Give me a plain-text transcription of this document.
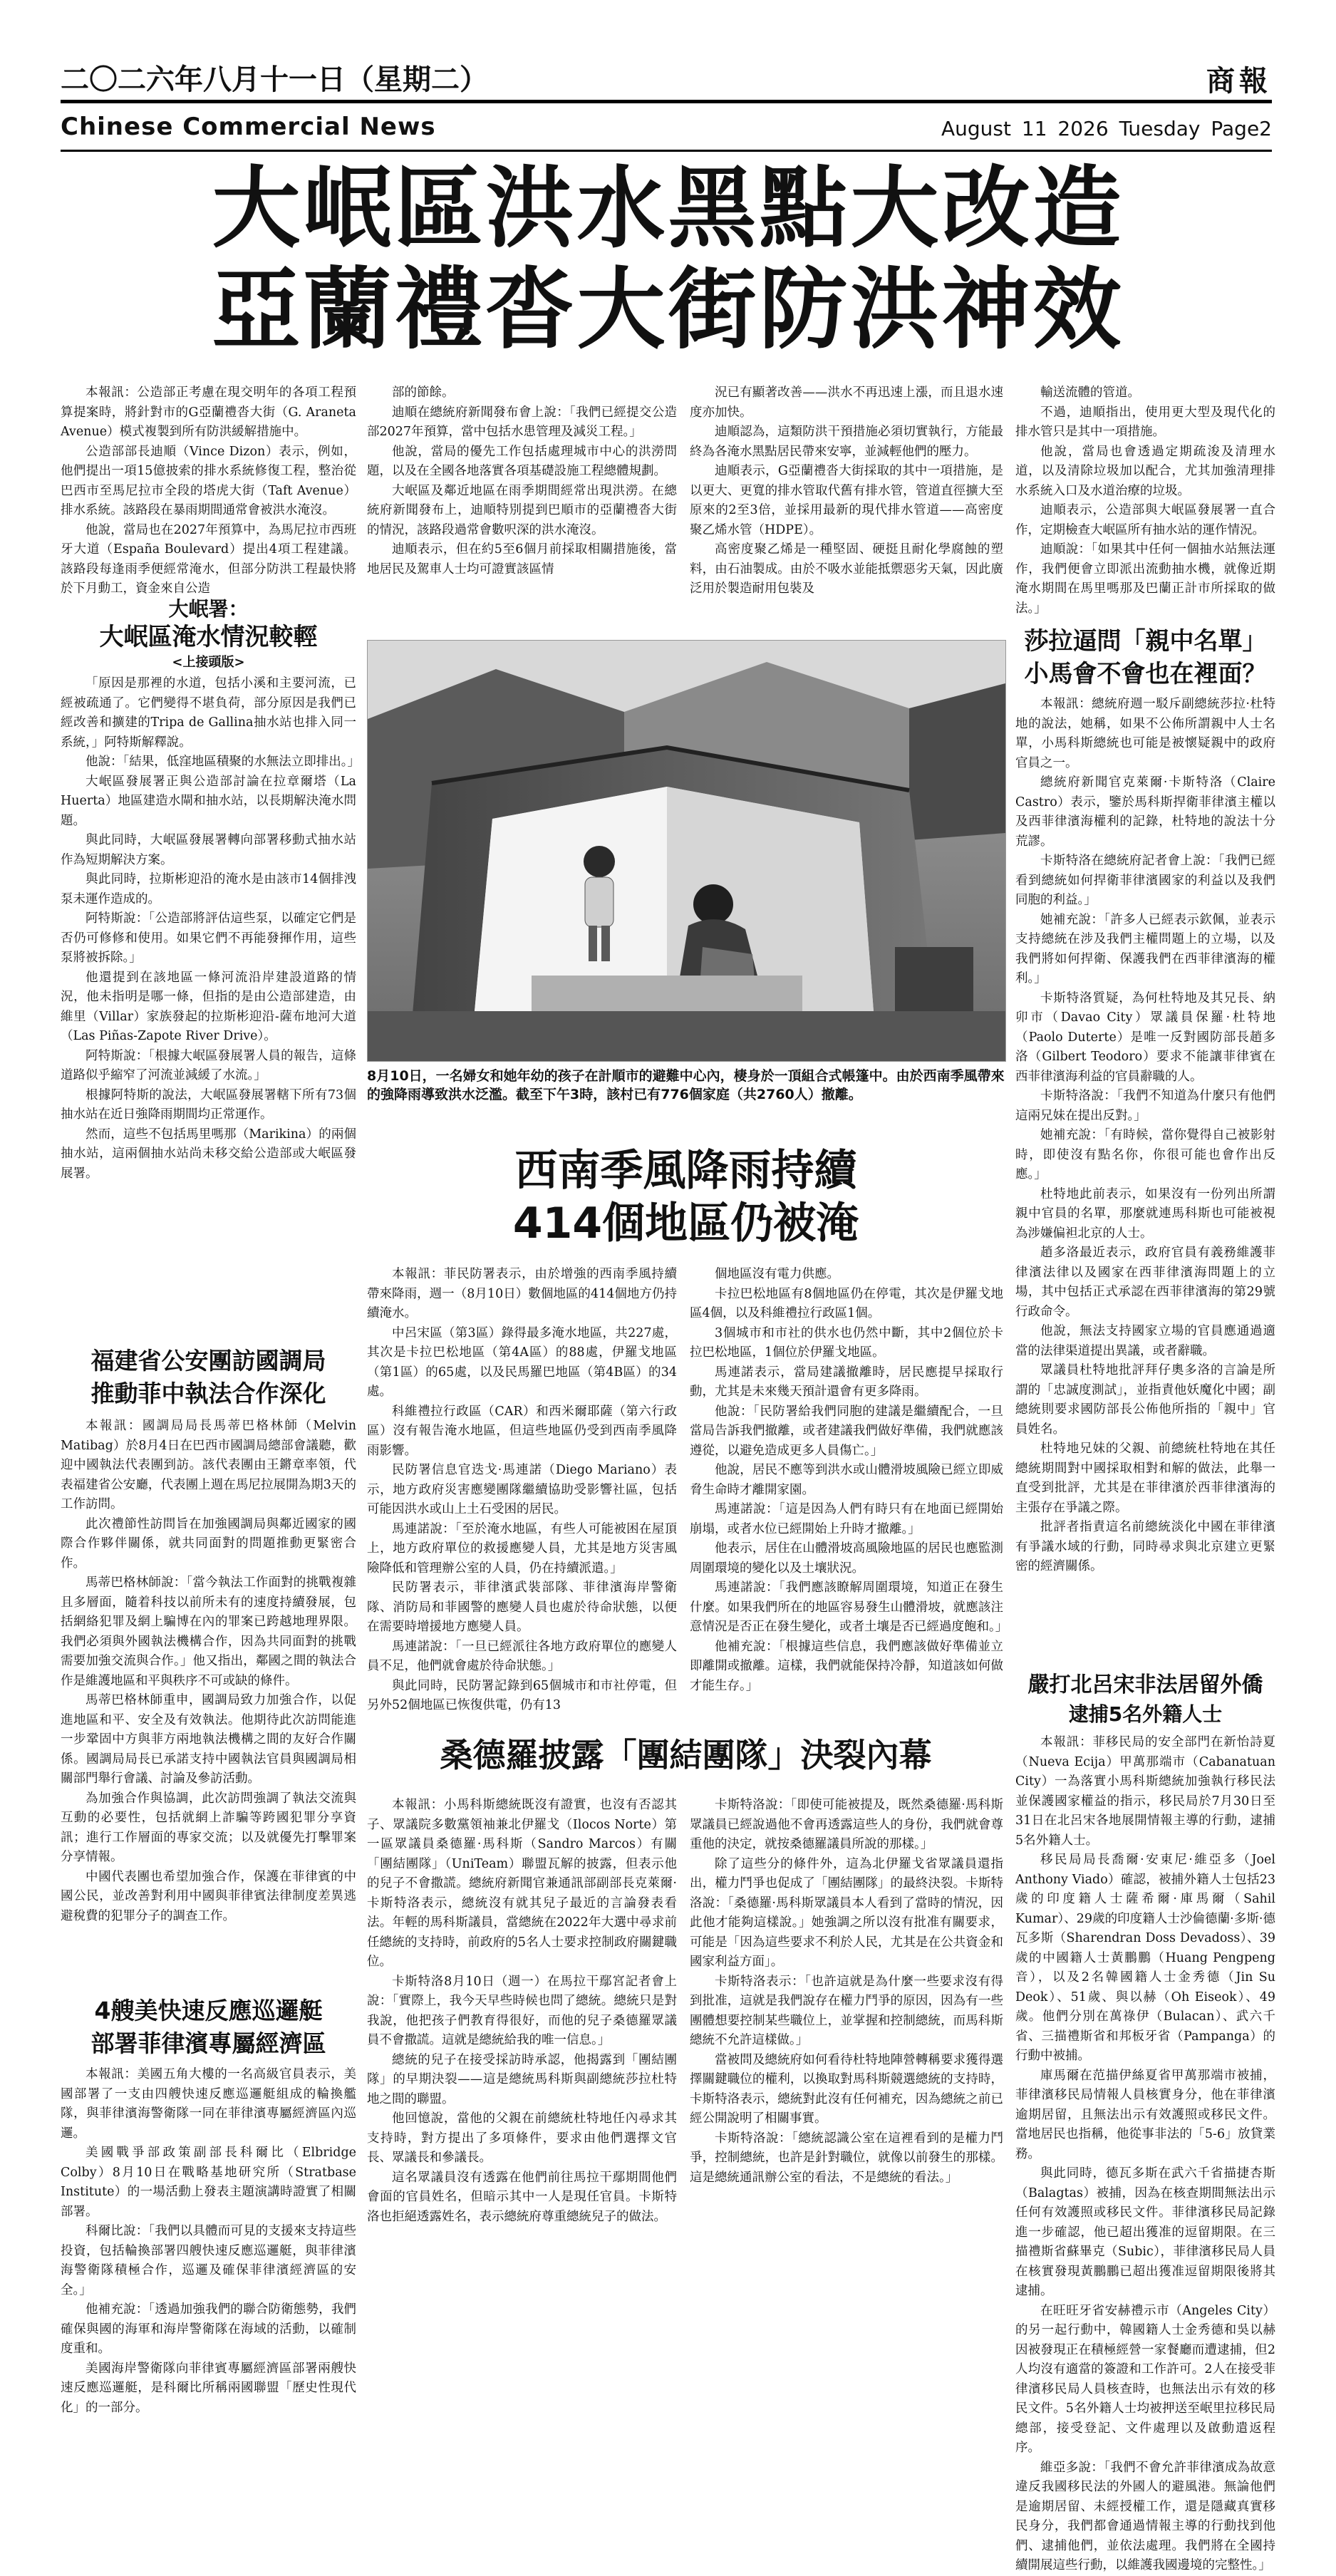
二〇二六年八月十一日（星期二）	商報
Chinese Commercial News	August 11 2026 Tuesday Page2
大岷區洪水黑點大改造
亞蘭禮沓大街防洪神效

本報訊：公造部正考慮在現交明年的各項工程預算提案時，將針對市的G亞蘭禮沓大街（G. Araneta Avenue）模式複製到所有防洪緩解措施中。

公造部部長迪順（Vince Dizon）表示，例如，他們提出一項15億披索的排水系統修復工程，整治從巴西市至馬尼拉市全段的塔虎大街（Taft Avenue）排水系統。該路段在暴雨期間通常會被洪水淹沒。

他說，當局也在2027年預算中，為馬尼拉市西班牙大道（España Boulevard）提出4項工程建議。該路段每逢雨季便經常淹水，但部分防洪工程最快將於下月動工，資金來自公造

大岷署：
大岷區淹水情況較輕
<上接頭版>

「原因是那裡的水道，包括小溪和主要河流，已經被疏通了。它們變得不堪負荷，部分原因是我們已經改善和擴建的Tripa de Gallina抽水站也排入同一系統，」阿特斯解釋說。

他說：「結果，低窪地區積聚的水無法立即排出。」

大岷區發展署正與公造部討論在拉章爾塔（La Huerta）地區建造水閘和抽水站，以長期解決淹水問題。

與此同時，大岷區發展署轉向部署移動式抽水站作為短期解決方案。

與此同時，拉斯彬迎沿的淹水是由該市14個排洩泵未運作造成的。

阿特斯說：「公造部將評估這些泵，以確定它們是否仍可修修和使用。如果它們不再能發揮作用，這些泵將被拆除。」

他還提到在該地區一條河流沿岸建設道路的情況，他未指明是哪一條，但指的是由公造部建造，由維里（Villar）家族發起的拉斯彬迎沿-薩布地河大道（Las Piñas-Zapote River Drive）。

阿特斯說：「根據大岷區發展署人員的報告，這條道路似乎縮窄了河流並減緩了水流。」

根據阿特斯的說法，大岷區發展署轄下所有73個抽水站在近日強降雨期間均正常運作。

然而，這些不包括馬里嗎那（Marikina）的兩個抽水站，這兩個抽水站尚未移交給公造部或大岷區發展署。

福建省公安團訪國調局
推動菲中執法合作深化

本報訊：國調局局長馬蒂巴格林師（Melvin Matibag）於8月4日在巴西市國調局總部會議聽，歡迎中國執法代表團到訪。該代表團由王鏘章率領，代表福建省公安廳，代表團上週在馬尼拉展開為期3天的工作訪問。

此次禮節性訪問旨在加強國調局與鄰近國家的國際合作夥伴關係，就共同面對的問題推動更緊密合作。

馬蒂巴格林師說：「當今執法工作面對的挑戰複雜且多層面，隨着科技以前所未有的速度持續發展，包括網絡犯罪及網上騙博在內的罪案已跨越地理界限。我們必須與外國執法機構合作，因為共同面對的挑戰需要加強交流與合作。」他又指出，鄰國之間的執法合作是維護地區和平與秩序不可或缺的條件。

馬蒂巴格林師重申，國調局致力加強合作，以促進地區和平、安全及有效執法。他期待此次訪問能進一步鞏固中方與菲方兩地執法機構之間的友好合作關係。國調局局長已承諾支持中國執法官員與國調局相關部門舉行會議、討論及參訪活動。

為加強合作與協調，此次訪問強調了執法交流與互動的必要性，包括就網上詐騙等跨國犯罪分享資訊；進行工作層面的專家交流；以及就優先打擊罪案分享情報。

中國代表團也希望加強合作，保護在菲律賓的中國公民，並改善對利用中國與菲律賓法律制度差異逃避稅費的犯罪分子的調查工作。

4艘美快速反應巡邏艇
部署菲律濱專屬經濟區

本報訊：美國五角大樓的一名高級官員表示，美國部署了一支由四艘快速反應巡邏艇組成的輪換艦隊，與菲律濱海警衛隊一同在菲律濱專屬經濟區內巡邏。

美國戰爭部政策副部長科爾比（Elbridge Colby）8月10日在戰略基地研究所（Stratbase Institute）的一場活動上發表主題演講時證實了相關部署。

科爾比說：「我們以具體而可見的支援來支持這些投資，包括輪換部署四艘快速反應巡邏艇，與菲律濱海警衛隊積極合作，巡邏及確保菲律濱經濟區的安全。」

他補充說：「透過加強我們的聯合防衛態勢，我們確保與國的海軍和海岸警衛隊在海域的活動，以確制度重和。

美國海岸警衛隊向菲律賓專屬經濟區部署兩艘快速反應巡邏艇，是科爾比所稱兩國聯盟「歷史性現代化」的一部分。

部的節餘。

迪順在總統府新聞發布會上說：「我們已經提交公造部2027年預算，當中包括水患管理及減災工程。」

他說，當局的優先工作包括處理城市中心的洪澇問題，以及在全國各地落實各項基礎設施工程總體規劃。

大岷區及鄰近地區在雨季期間經常出現洪澇。在總統府新聞發布上，迪順特別提到巴順市的亞蘭禮沓大街的情況，該路段過常會數呎深的洪水淹沒。

迪順表示，但在約5至6個月前採取相關措施後，當地居民及駕車人士均可證實該區情

況已有顯著改善——洪水不再迅速上漲，而且退水速度亦加快。

迪順認為，這類防洪干預措施必須切實執行，方能最終為各淹水黑點居民帶來安寧，並減輕他們的壓力。

迪順表示，G亞蘭禮沓大街採取的其中一項措施，是以更大、更寬的排水管取代舊有排水管，管道直徑擴大至原來的2至3倍，並採用最新的現代排水管道——高密度聚乙烯水管（HDPE）。

高密度聚乙烯是一種堅固、硬挺且耐化學腐蝕的塑料，由石油製成。由於不吸水並能抵禦惡劣天氣，因此廣泛用於製造耐用包裝及

8月10日，一名婦女和她年幼的孩子在計順市的避難中心內，棲身於一頂組合式帳篷中。由於西南季風帶來的強降雨導致洪水泛濫。截至下午3時，該村已有776個家庭（共2760人）撤離。
西南季風降雨持續
414個地區仍被淹

本報訊：菲民防署表示，由於增強的西南季風持續帶來降雨，週一（8月10日）數個地區的414個地方仍持續淹水。

中呂宋區（第3區）錄得最多淹水地區，共227處，其次是卡拉巴松地區（第4A區）的88處，伊羅戈地區（第1區）的65處，以及民馬羅巴地區（第4B區）的34處。

科維禮拉行政區（CAR）和西米爾耶薩（第六行政區）沒有報告淹水地區，但這些地區仍受到西南季風降雨影響。

民防署信息官迭戈·馬連諾（Diego Mariano）表示，地方政府災害應變團隊繼續協助受影響社區，包括可能因洪水或山上土石受困的居民。

馬連諾說：「至於淹水地區，有些人可能被困在屋頂上，地方政府單位的救援應變人員，尤其是地方災害風險降低和管理辦公室的人員，仍在持續派遣。」

民防署表示，菲律濱武裝部隊、菲律濱海岸警衛隊、消防局和菲國警的應變人員也處於待命狀態，以便在需要時增援地方應變人員。

馬連諾說：「一旦已經派往各地方政府單位的應變人員不足，他們就會處於待命狀態。」

與此同時，民防署記錄到65個城市和市社停電，但另外52個地區已恢復供電，仍有13

個地區沒有電力供應。

卡拉巴松地區有8個地區仍在停電，其次是伊羅戈地區4個，以及科維禮拉行政區1個。

3個城市和市社的供水也仍然中斷，其中2個位於卡拉巴松地區，1個位於伊羅戈地區。

馬連諾表示，當局建議撤離時，居民應提早採取行動，尤其是未來幾天預計還會有更多降雨。

他說：「民防署給我們同胞的建議是繼續配合，一旦當局告訴我們撤離，或者建議我們做好準備，我們就應該遵從，以避免造成更多人員傷亡。」

他說，居民不應等到洪水或山體滑坡風險已經立即威脅生命時才離開家園。

馬連諾說：「這是因為人們有時只有在地面已經開始崩塌，或者水位已經開始上升時才撤離。」

他表示，居住在山體滑坡高風險地區的居民也應監測周圍環境的變化以及土壤狀況。

馬連諾說：「我們應該瞭解周圍環境，知道正在發生什麼。如果我們所在的地區容易發生山體滑坡，就應該注意情況是否正在發生變化，或者土壤是否已經過度飽和。」

他補充說：「根據這些信息，我們應該做好準備並立即離開或撤離。這樣，我們就能保持冷靜，知道該如何做才能生存。」

桑德羅披露「團結團隊」決裂內幕

本報訊：小馬科斯總統既沒有證實，也沒有否認其子、眾議院多數黨領袖兼北伊羅戈（Ilocos Norte）第一區眾議員桑德羅·馬科斯（Sandro Marcos）有關「團結團隊」（UniTeam）聯盟瓦解的披露，但表示他的兒子不會撒謊。總統府新聞官兼通訊部副部長克萊爾·卡斯特洛表示，總統沒有就其兒子最近的言論發表看法。年輕的馬科斯議員，當總統在2022年大選中尋求前任總統的支持時，前政府的5名人士要求控制政府關鍵職位。

卡斯特洛8月10日（週一）在馬拉干鄢宮記者會上說：「實際上，我今天早些時候也問了總統。總統只是對我說，他把孩子們教育得很好，而他的兒子桑德羅眾議員不會撒謊。這就是總統給我的唯一信息。」

總統的兒子在接受採訪時承認，他揭露到「團結團隊」的早期決裂——這是總統馬科斯與副總統莎拉杜特地之間的聯盟。

他回憶說，當他的父親在前總統杜特地任內尋求其支持時，對方提出了多項條件，要求由他們選擇文官長、眾議長和參議長。

這名眾議員沒有透露在他們前往馬拉干鄢期間他們會面的官員姓名，但暗示其中一人是現任官員。卡斯特洛也拒絕透露姓名，表示總統府尊重總統兒子的做法。

卡斯特洛說：「即使可能被提及，既然桑德羅·馬科斯眾議員已經說過他不會再透露這些人的身份，我們就會尊重他的決定，就按桑德羅議員所說的那樣。」

除了這些分的條件外，這為北伊羅戈省眾議員還指出，權力鬥爭也促成了「團結團隊」的最終決裂。卡斯特洛說：「桑德羅·馬科斯眾議員本人看到了當時的情況，因此他才能夠這樣說。」她強調之所以沒有批准有關要求，可能是「因為這些要求不利於人民，尤其是在公共資金和國家利益方面」。

卡斯特洛表示：「也許這就是為什麼一些要求沒有得到批准，這就是我們說存在權力鬥爭的原因，因為有一些團體想要控制某些職位上，並掌握和控制總統，而馬科斯總統不允許這樣做。」

當被問及總統府如何看待杜特地陣營轉稱要求獲得選擇關鍵職位的權利，以換取對馬科斯競選總統的支持時，卡斯特洛表示，總統對此沒有任何補充，因為總統之前已經公開說明了相關事實。

卡斯特洛說：「總統認識公室在這裡看到的是權力鬥爭，控制總統，也許是針對職位，就像以前發生的那樣。這是總統通訊辦公室的看法，不是總統的看法。」

輸送流體的管道。

不過，迪順指出，使用更大型及現代化的排水管只是其中一項措施。

他說，當局也會透過定期疏浚及清理水道，以及清除垃圾加以配合，尤其加強清理排水系統入口及水道治療的垃圾。

迪順表示，公造部與大岷區發展署一直合作，定期檢查大岷區所有抽水站的運作情況。

迪順說：「如果其中任何一個抽水站無法運作，我們便會立即派出流動抽水機，就像近期淹水期間在馬里嗎那及巴蘭正計市所採取的做法。」

莎拉逼問「親中名單」
小馬會不會也在裡面？

本報訊：總統府週一駁斥副總統莎拉·杜特地的說法，她稱，如果不公佈所謂親中人士名單，小馬科斯總統也可能是被懷疑親中的政府官員之一。

總統府新聞官克萊爾·卡斯特洛（Claire Castro）表示，鑒於馬科斯捍衛菲律濱主權以及西菲律濱海權利的記錄，杜特地的說法十分荒謬。

卡斯特洛在總統府記者會上說：「我們已經看到總統如何捍衛菲律濱國家的利益以及我們同胞的利益。」

她補充說：「許多人已經表示欽佩，並表示支持總統在涉及我們主權問題上的立場，以及我們將如何捍衛、保護我們在西菲律濱海的權利。」

卡斯特洛質疑，為何杜特地及其兄長、納卯市（Davao City）眾議員保羅·杜特地（Paolo Duterte）是唯一反對國防部長趙多洛（Gilbert Teodoro）要求不能讓菲律賓在西菲律濱海利益的官員辭職的人。

卡斯特洛說：「我們不知道為什麼只有他們這兩兄妹在提出反對。」

她補充說：「有時候，當你覺得自己被影射時，即使沒有點名你，你很可能也會作出反應。」

杜特地此前表示，如果沒有一份列出所謂親中官員的名單，那麼就連馬科斯也可能被視為涉嫌偏袒北京的人士。

趙多洛最近表示，政府官員有義務維護菲律濱法律以及國家在西菲律濱海問題上的立場，其中包括正式承認在西菲律濱海的第29號行政命令。

他說，無法支持國家立場的官員應通過適當的法律渠道提出異議，或者辭職。

眾議員杜特地批評拜仔奧多洛的言論是所謂的「忠誠度測試」，並指責他妖魔化中國；副總統則要求國防部長公佈他所指的「親中」官員姓名。

杜特地兄妹的父親、前總統杜特地在其任總統期間對中國採取相對和解的做法，此舉一直受到批評，尤其是在菲律濱於西菲律濱海的主張存在爭議之際。

批評者指責這名前總統淡化中國在菲律濱有爭議水域的行動，同時尋求與北京建立更緊密的經濟關係。

嚴打北呂宋非法居留外僑
逮捕5名外籍人士

本報訊：菲移民局的安全部門在新怡詩夏（Nueva Ecija）甲萬那端市（Cabanatuan City）一為落實小馬科斯總統加強執行移民法並保護國家權益的指示，移民局於7月30日至31日在北呂宋各地展開情報主導的行動，逮捕5名外籍人士。

移民局局長喬爾·安東尼·維亞多（Joel Anthony Viado）確認，被捕外籍人士包括23歲的印度籍人士薩希爾·庫馬爾（Sahil Kumar）、29歲的印度籍人士沙倫德蘭·多斯·德瓦多斯（Sharendran Doss Devadoss）、39歲的中國籍人士黃鵬鵬（Huang Pengpeng 音），以及2名韓國籍人士金秀德（Jin Su Deok）、51歲、與以赫（Oh Eiseok）、49歲。他們分別在萬祿伊（Bulacan）、武六千省、三描禮斯省和邦板牙省（Pampanga）的行動中被捕。

庫馬爾在范描伊絲夏省甲萬那端市被捕，菲律濱移民局情報人員核實身分，他在菲律濱逾期居留，且無法出示有效護照或移民文件。當地居民也指稱，他從事非法的「5-6」放貸業務。

與此同時，德瓦多斯在武六千省描捷杏斯（Balagtas）被捕，因為在核查期間無法出示任何有效護照或移民文件。菲律濱移民局記錄進一步確認，他已超出獲准的逗留期限。在三描禮斯省蘇畢克（Subic），菲律濱移民局人員在核實發現黃鵬鵬已超出獲准逗留期限後將其逮捕。

在旺旺牙省安赫禮示市（Angeles City）的另一起行動中，韓國籍人士金秀德和吳以赫因被發現正在積極經營一家餐廳而遭逮捕，但2人均沒有適當的簽證和工作許可。2人在接受菲律濱移民局人員核查時，也無法出示有效的移民文件。5名外籍人士均被押送至岷里拉移民局總部，接受登記、文件處理以及啟動遣返程序。

維亞多說：「我們不會允許菲律濱成為故意違反我國移民法的外國人的避風港。無論他們是逾期居留、未經授權工作，還是隱藏真實移民身分，我們都會通過情報主導的行動找到他們、逮捕他們，並依法處理。我們將在全國持續開展這些行動，以維護我國邊境的完整性。」
